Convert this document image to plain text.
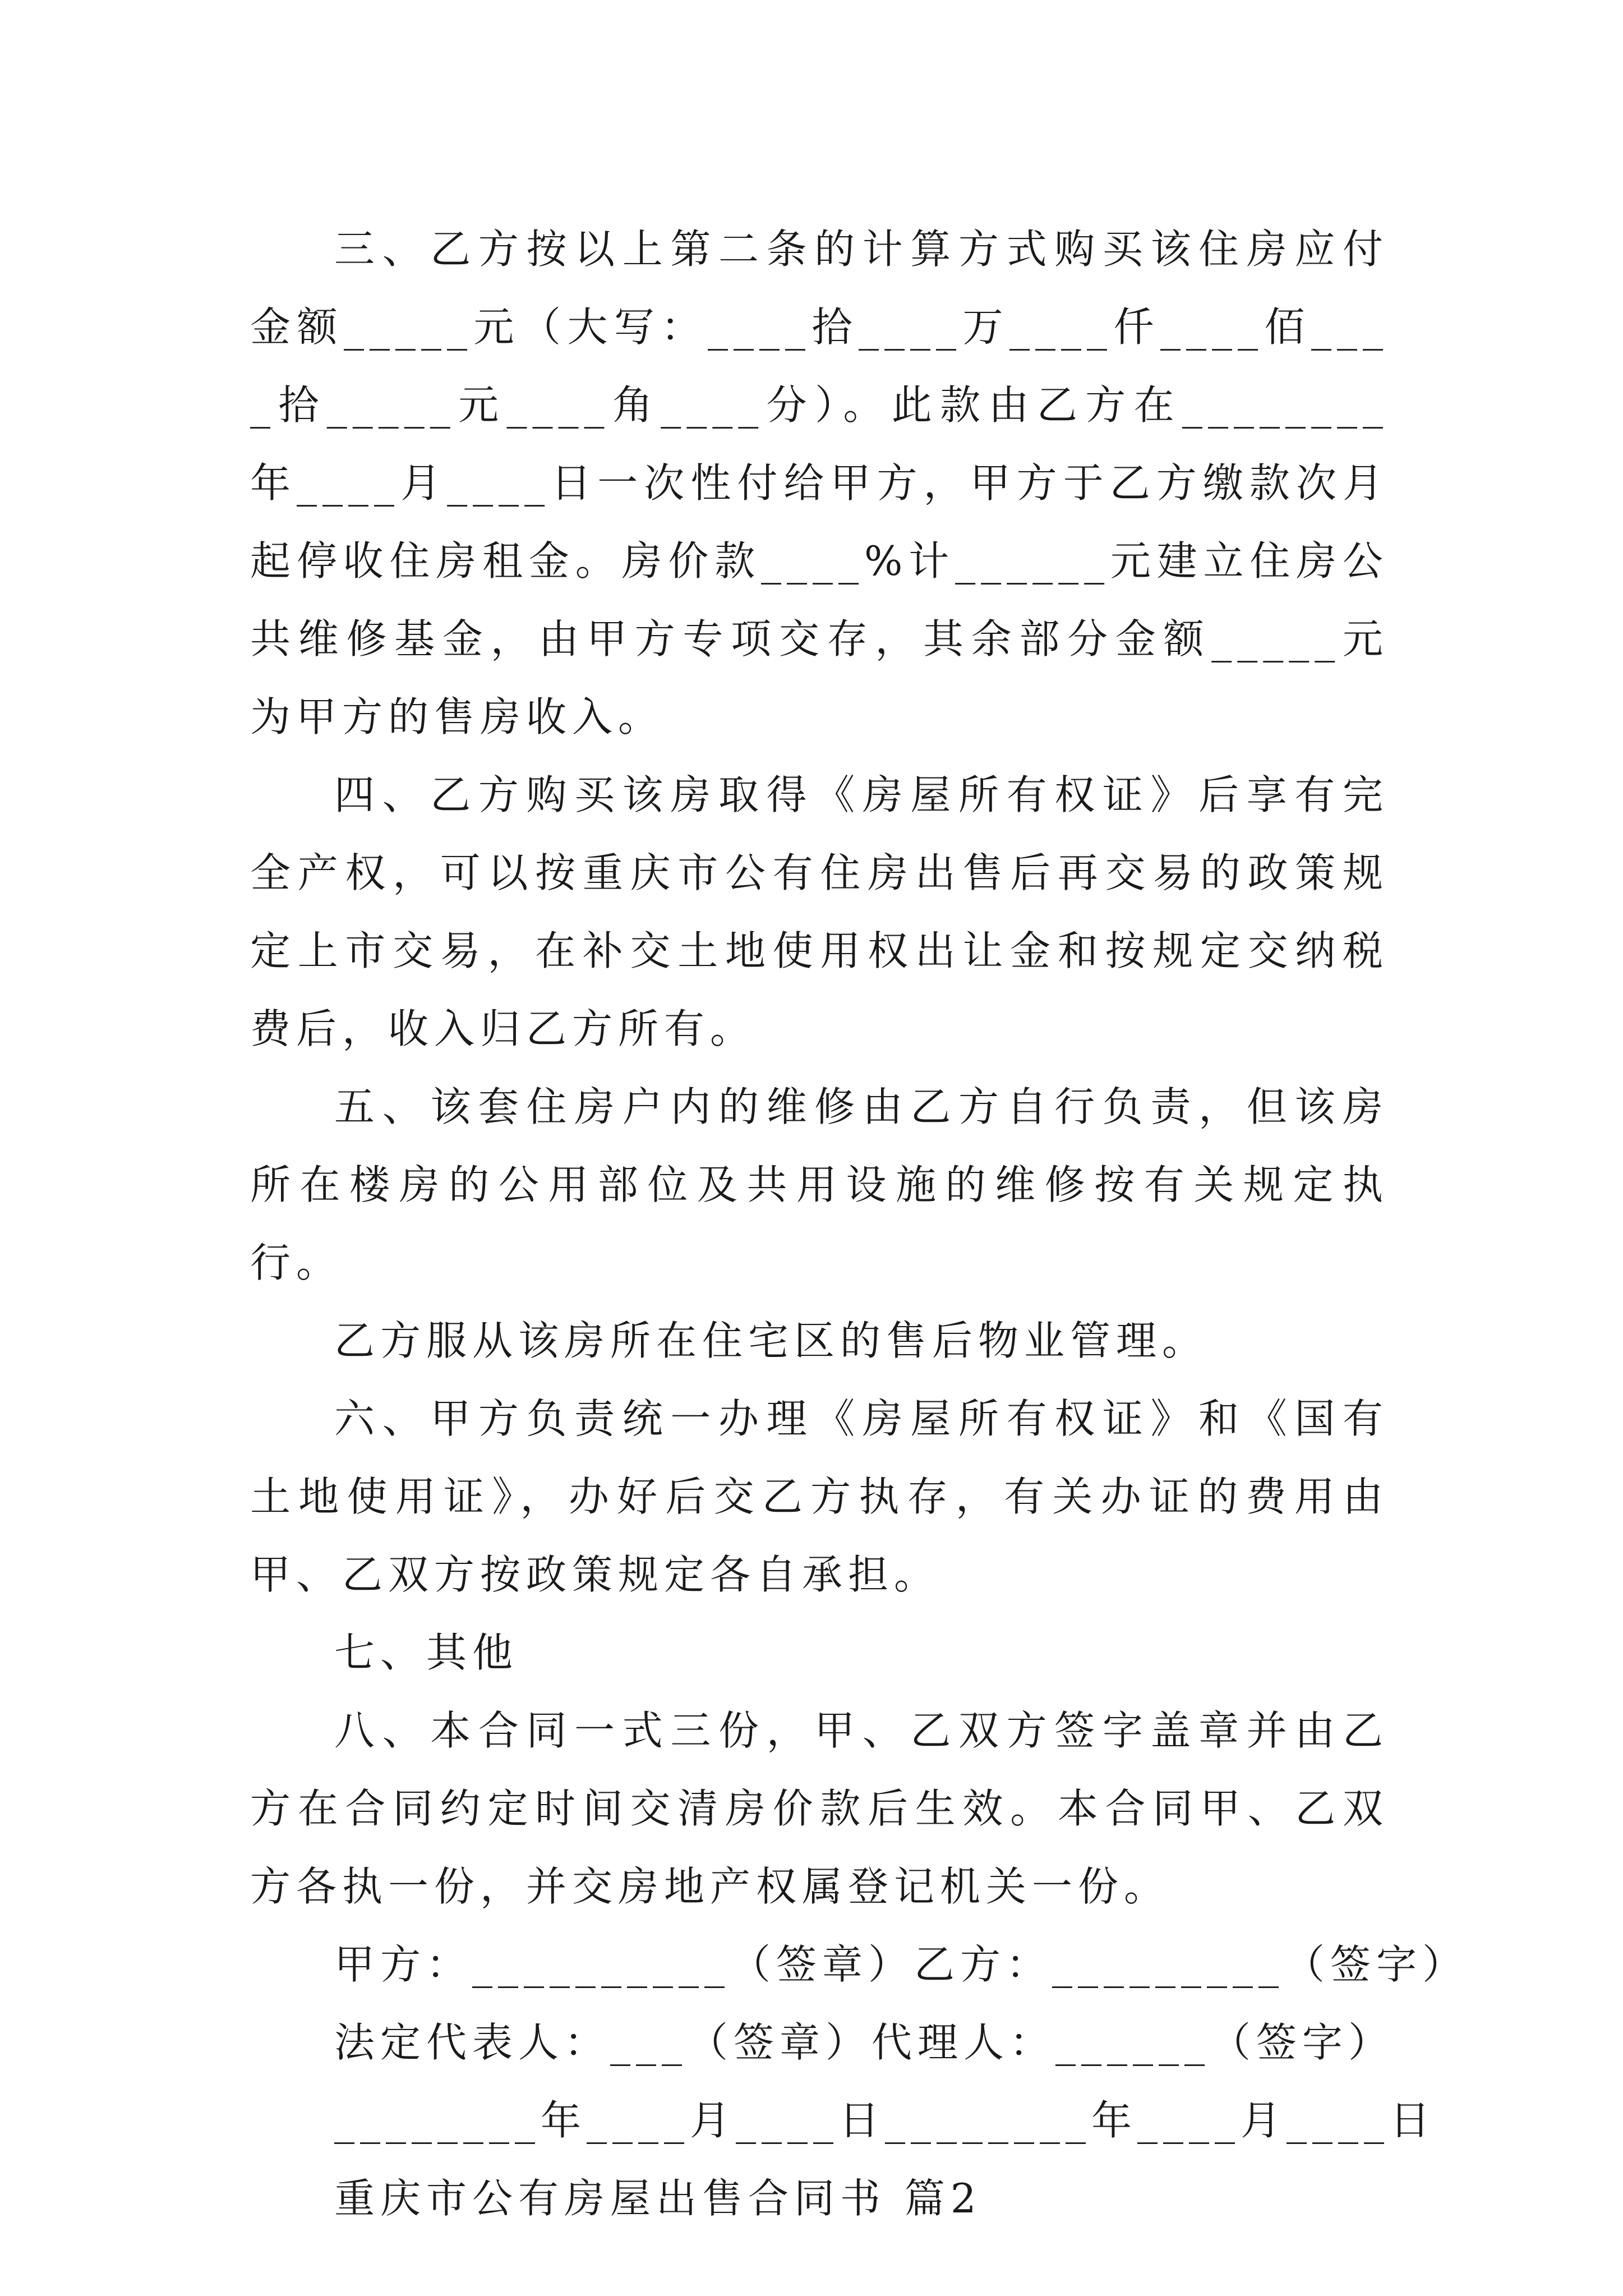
三、乙方按以上第二条的计算方式购买该住房应付金额_____元（大写：____拾____万____仟____佰____拾_____元____角____分）。此款由乙方在________年____月____日一次性付给甲方，甲方于乙方缴款次月起停收住房租金。房价款____%计______元建立住房公共维修基金，由甲方专项交存，其余部分金额_____元为甲方的售房收入。

四、乙方购买该房取得《房屋所有权证》后享有完全产权，可以按重庆市公有住房出售后再交易的政策规定上市交易，在补交土地使用权出让金和按规定交纳税费后，收入归乙方所有。

五、该套住房户内的维修由乙方自行负责，但该房所在楼房的公用部位及共用设施的维修按有关规定执行。

乙方服从该房所在住宅区的售后物业管理。

六、甲方负责统一办理《房屋所有权证》和《国有土地使用证》，办好后交乙方执存，有关办证的费用由甲、乙双方按政策规定各自承担。

七、其他

八、本合同一式三份，甲、乙双方签字盖章并由乙方在合同约定时间交清房价款后生效。本合同甲、乙双方各执一份，并交房地产权属登记机关一份。

甲方：__________（签章）乙方：_________（签字）

法定代表人：___（签章）代理人：______（签字）

________年____月____日________年____月____日

重庆市公有房屋出售合同书 篇2
